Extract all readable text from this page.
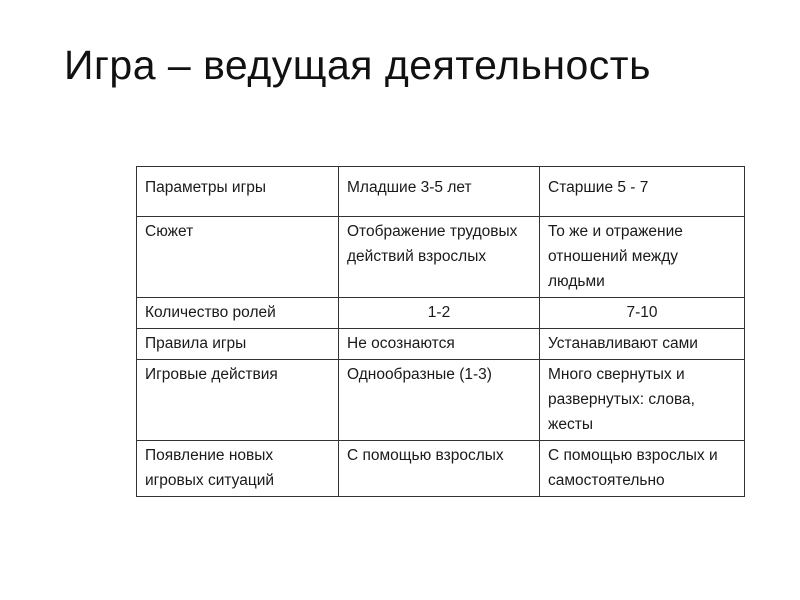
Игра – ведущая деятельность
Параметры игры	Младшие 3-5 лет	Старшие 5 - 7
Сюжет	Отображение трудовых действий взрослых	То же и отражение отношений между людьми
Количество ролей	1-2	7-10
Правила игры	Не осознаются	Устанавливают сами
Игровые действия	Однообразные (1-3)	Много свернутых и развернутых: слова, жесты
Появление новых игровых ситуаций	С помощью взрослых	С помощью взрослых и самостоятельно
